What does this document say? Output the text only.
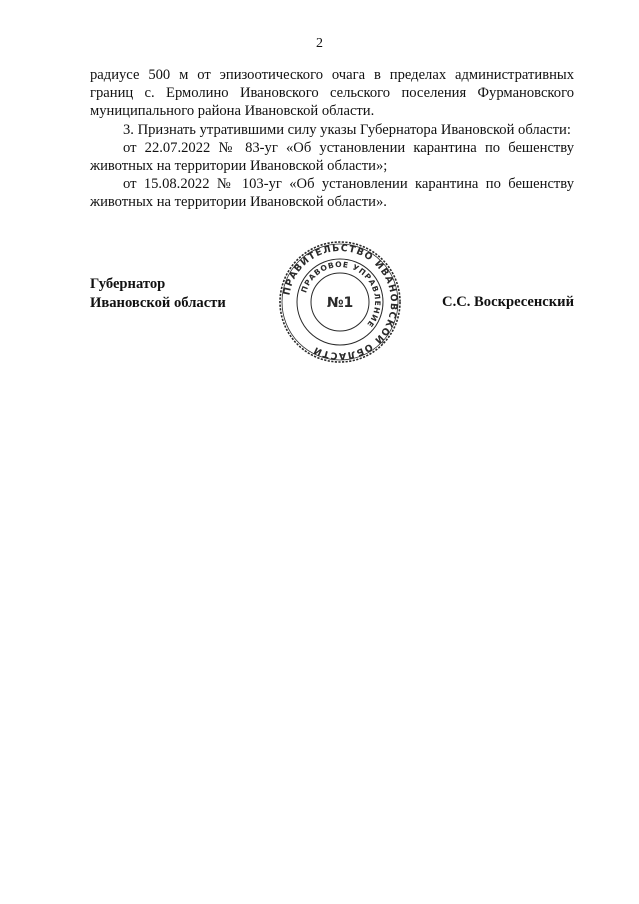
2

радиусе 500 м от эпизоотического очага в пределах административных границ с. Ермолино Ивановского сельского поселения Фурмановского муниципального района Ивановской области.

3. Признать утратившими силу указы Губернатора Ивановской области:

от 22.07.2022 № 83-уг «Об установлении карантина по бешенству животных на территории Ивановской области»;

от 15.08.2022 № 103-уг «Об установлении карантина по бешенству животных на территории Ивановской области».

Губернатор
Ивановской области
ПРАВИТЕЛЬСТВО ИВАНОВСКОЙ ОБЛАСТИ
ПРАВОВОЕ УПРАВЛЕНИЕ
№1	С.С. Воскресенский
